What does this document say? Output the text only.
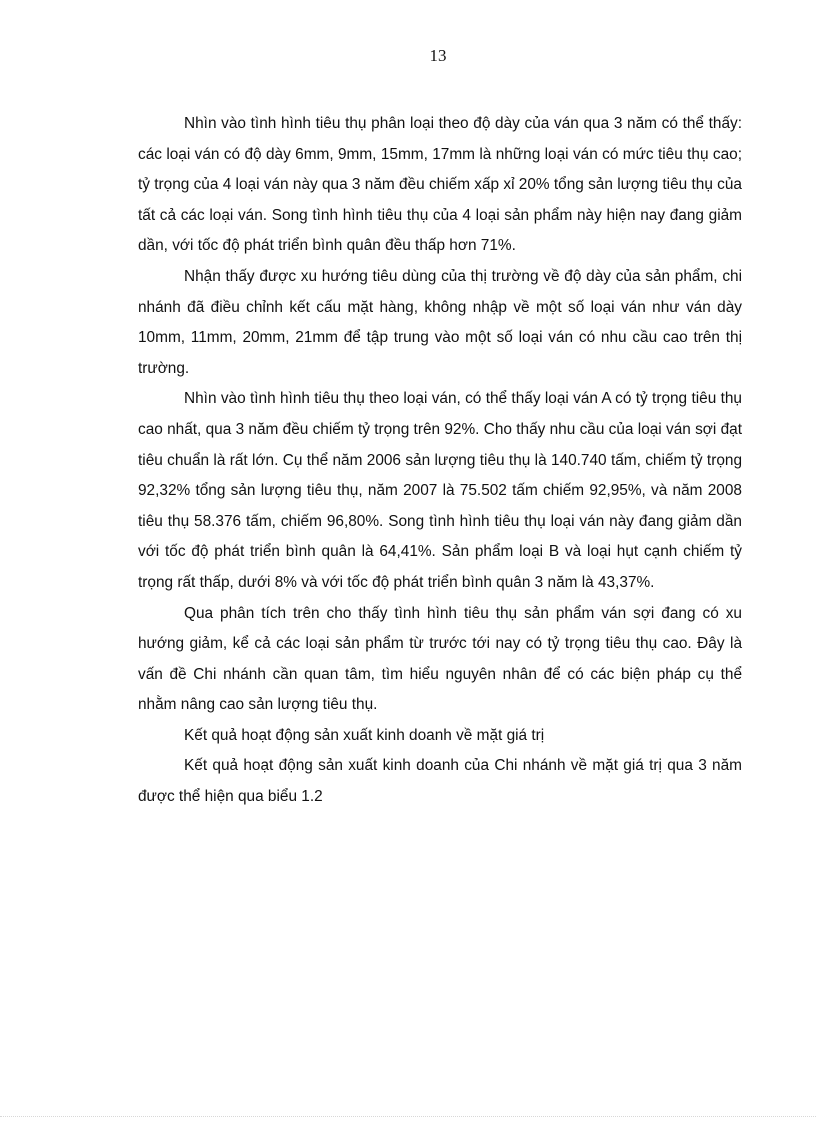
13

Nhìn vào tình hình tiêu thụ phân loại theo độ dày của ván qua 3 năm có thể thấy: các loại ván có độ dày 6mm, 9mm, 15mm, 17mm là những loại ván có mức tiêu thụ cao; tỷ trọng của 4 loại ván này qua 3 năm đều chiếm xấp xỉ 20% tổng sản lượng tiêu thụ của tất cả các loại ván. Song tình hình tiêu thụ của 4 loại sản phẩm này hiện nay đang giảm dần, với tốc độ phát triển bình quân đều thấp hơn 71%.

Nhận thấy được xu hướng tiêu dùng của thị trường về độ dày của sản phẩm, chi nhánh đã điều chỉnh kết cấu mặt hàng, không nhập về một số loại ván như ván dày 10mm, 11mm, 20mm, 21mm để tập trung vào một số loại ván có nhu cầu cao trên thị trường.

Nhìn vào tình hình tiêu thụ theo loại ván, có thể thấy loại ván A có tỷ trọng tiêu thụ cao nhất, qua 3 năm đều chiếm tỷ trọng trên 92%. Cho thấy nhu cầu của loại ván sợi đạt tiêu chuẩn là rất lớn. Cụ thể năm 2006 sản lượng tiêu thụ là 140.740 tấm, chiếm tỷ trọng 92,32% tổng sản lượng tiêu thụ, năm 2007 là 75.502 tấm chiếm 92,95%, và năm 2008 tiêu thụ 58.376 tấm, chiếm 96,80%. Song tình hình tiêu thụ loại ván này đang giảm dần với tốc độ phát triển bình quân là 64,41%. Sản phẩm loại B và loại hụt cạnh chiếm tỷ trọng rất thấp, dưới 8% và với tốc độ phát triển bình quân 3 năm là 43,37%.

Qua phân tích trên cho thấy tình hình tiêu thụ sản phẩm ván sợi đang có xu hướng giảm, kể cả các loại sản phẩm từ trước tới nay có tỷ trọng tiêu thụ cao. Đây là vấn đề Chi nhánh cần quan tâm, tìm hiểu nguyên nhân để có các biện pháp cụ thể nhằm nâng cao sản lượng tiêu thụ.

Kết quả hoạt động sản xuất kinh doanh về mặt giá trị

Kết quả hoạt động sản xuất kinh doanh của Chi nhánh về mặt giá trị qua 3 năm được thể hiện qua biểu 1.2
